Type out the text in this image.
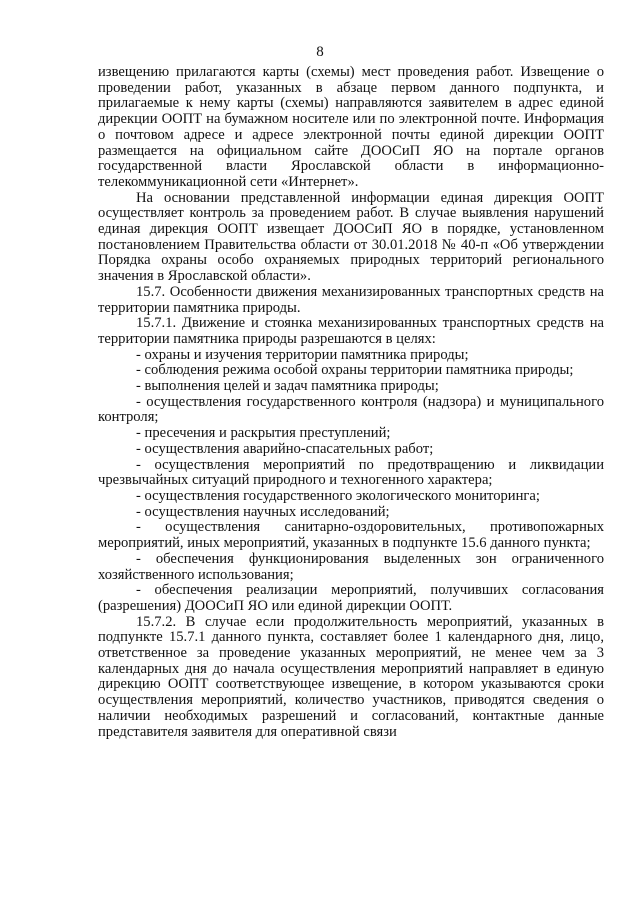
8

извещению прилагаются карты (схемы) мест проведения работ. Извещение о проведении работ, указанных в абзаце первом данного подпункта, и прилагаемые к нему карты (схемы) направляются заявителем в адрес единой дирекции ООПТ на бумажном носителе или по электронной почте. Информация о почтовом адресе и адресе электронной почты единой дирекции ООПТ размещается на официальном сайте ДООСиП ЯО на портале органов государственной власти Ярославской области в информационно-телекоммуникационной сети «Интернет».

На основании представленной информации единая дирекция ООПТ осуществляет контроль за проведением работ. В случае выявления нарушений единая дирекция ООПТ извещает ДООСиП ЯО в порядке, установленном постановлением Правительства области от 30.01.2018 № 40-п «Об утверждении Порядка охраны особо охраняемых природных территорий регионального значения в Ярославской области».

15.7. Особенности движения механизированных транспортных средств на территории памятника природы.

15.7.1. Движение и стоянка механизированных транспортных средств на территории памятника природы разрешаются в целях:

- охраны и изучения территории памятника природы;

- соблюдения режима особой охраны территории памятника природы;

- выполнения целей и задач памятника природы;

- осуществления государственного контроля (надзора) и муниципального контроля;

- пресечения и раскрытия преступлений;

- осуществления аварийно-спасательных работ;

- осуществления мероприятий по предотвращению и ликвидации чрезвычайных ситуаций природного и техногенного характера;

- осуществления государственного экологического мониторинга;

- осуществления научных исследований;

- осуществления санитарно-оздоровительных, противопожарных мероприятий, иных мероприятий, указанных в подпункте 15.6 данного пункта;

- обеспечения функционирования выделенных зон ограниченного хозяйственного использования;

- обеспечения реализации мероприятий, получивших согласования (разрешения) ДООСиП ЯО или единой дирекции ООПТ.

15.7.2. В случае если продолжительность мероприятий, указанных в подпункте 15.7.1 данного пункта, составляет более 1 календарного дня, лицо, ответственное за проведение указанных мероприятий, не менее чем за 3 календарных дня до начала осуществления мероприятий направляет в единую дирекцию ООПТ соответствующее извещение, в котором указываются сроки осуществления мероприятий, количество участников, приводятся сведения о наличии необходимых разрешений и согласований, контактные данные представителя заявителя для оперативной связи
